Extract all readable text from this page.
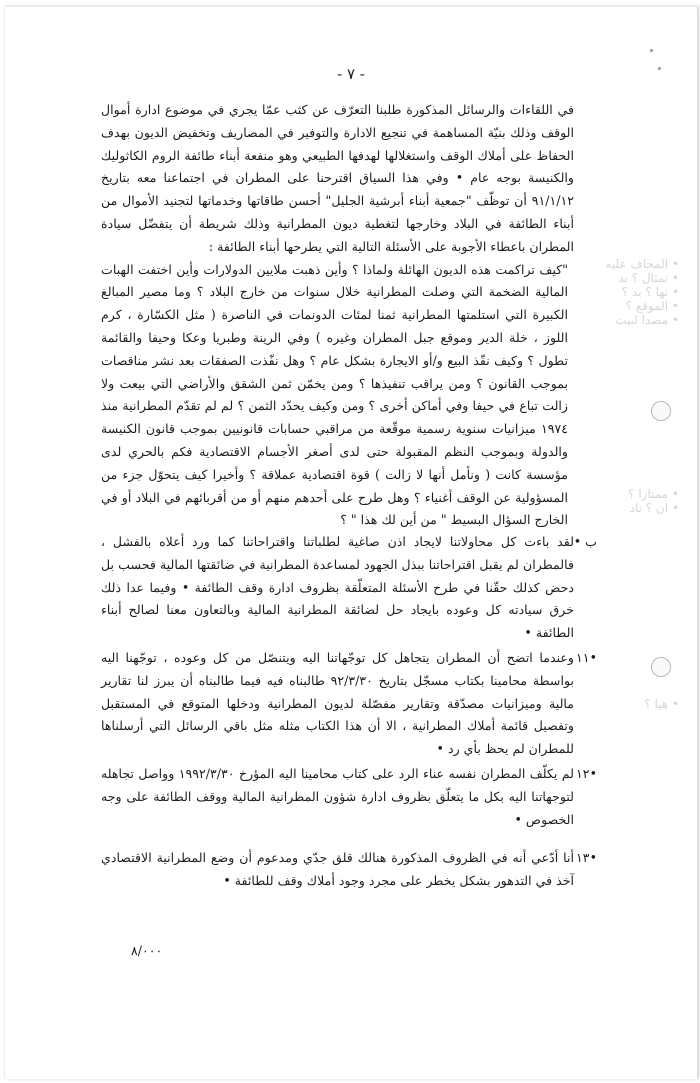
• المحاف عليه
• تمثال ؟ بد
• نها ؟ بد ؟
• الموقع ؟
• مصدا لبيت
• ممتازا ؟
• ان ؟ ناد
• هيا ؟
- ٧ -

في اللقاءات والرسائل المذكورة طلبنا التعرّف عن كثب عمّا يجري في موضوع ادارة أموال الوقف وذلك بنيّة المساهمة في تنجيع الادارة والتوفير في المصاريف وتخفيض الديون بهدف الحفاظ على أملاك الوقف واستغلالها لهدفها الطبيعي وهو منفعة أبناء طائفة الروم الكاثوليك والكنيسة بوجه عام • وفي هذا السياق اقترحنا على المطران في اجتماعنا معه بتاريخ ٩١/١/١٢ أن توظّف "جمعية أبناء أبرشية الجليل" أحسن طاقاتها وخدماتها لتجنيد الأموال من أبناء الطائفة في البلاد وخارجها لتغطية ديون المطرانية وذلك شريطة أن يتفضّل سيادة المطران باعطاء الأجوبة على الأسئلة التالية التي يطرحها أبناء الطائفة :

"كيف تراكمت هذه الديون الهائلة ولماذا ؟ وأين ذهبت ملايين الدولارات وأين اختفت الهبات المالية الضخمة التي وصلت المطرانية خلال سنوات من خارج البلاد ؟ وما مصير المبالغ الكبيرة التي استلمتها المطرانية ثمنا لمئات الدونمات في الناصرة ( مثل الكسّارة ، كرم اللوز ، خلة الدير وموقع جبل المطران وغيره ) وفي الرينة وطبريا وعكا وحيفا والقائمة تطول ؟ وكيف نفّذ البيع و/أو الايجارة بشكل عام ؟ وهل نفّذت الصفقات بعد نشر مناقصات بموجب القانون ؟ ومن يراقب تنفيذها ؟ ومن يخمّن ثمن الشقق والأراضي التي بيعت ولا زالت تباع في حيفا وفي أماكن أخرى ؟ ومن وكيف يحدّد الثمن ؟ لم لم تقدّم المطرانية منذ ١٩٧٤ ميزانيات سنوية رسمية موقّعة من مراقبي حسابات قانونيين بموجب قانون الكنيسة والدولة وبموجب النظم المقبولة حتى لدى أصغر الأجسام الاقتصادية فكم بالحري لدى مؤسسة كانت ( ونأمل أنها لا زالت ) قوة اقتصادية عملاقة ؟ وأخيرا كيف يتحوّل جزء من المسؤولية عن الوقف أغنياء ؟ وهل طرح على أحدهم منهم أو من أقربائهم في البلاد أو في الخارج السؤال البسيط " من أين لك هذا " ؟

ب •
لقد باءت كل محاولاتنا لايجاد اذن صاغية لطلباتنا واقتراحاتنا كما ورد أعلاه بالفشل ، فالمطران لم يقبل اقتراحاتنا ببذل الجهود لمساعدة المطرانية في ضائقتها المالية فحسب بل دحض كذلك حقّنا في طرح الأسئلة المتعلّقة بظروف ادارة وقف الطائفة • وفيما عدا ذلك خرق سيادته كل وعوده بايجاد حل لضائقة المطرانية المالية وبالتعاون معنا لصالح أبناء الطائفة •
•١١
وعندما اتضح أن المطران يتجاهل كل توجّهاتنا اليه ويتنصّل من كل وعوده ، توجّهنا اليه بواسطة محامينا بكتاب مسجّل بتاريخ ٩٢/٣/٣٠ طالبناه فيه فيما طالبناه أن يبرز لنا تقارير مالية وميزانيات مصدّقة وتقارير مفصّلة لديون المطرانية ودخلها المتوقع في المستقبل وتفصيل قائمة أملاك المطرانية ، الا أن هذا الكتاب مثله مثل باقي الرسائل التي أرسلناها للمطران لم يحظ بأي رد •
•١٢
لم يكلّف المطران نفسه عناء الرد على كتاب محامينا اليه المؤرخ ١٩٩٢/٣/٣٠ وواصل تجاهله لتوجهاتنا اليه بكل ما يتعلّق بظروف ادارة شؤون المطرانية المالية ووقف الطائفة على وجه الخصوص •
•١٣
أنا أدّعي أنه في الظروف المذكورة هنالك قلق جدّي ومدعوم أن وضع المطرانية الاقتصادي آخذ في التدهور بشكل يخطر على مجرد وجود أملاك وقف للطائفة •
٨/٠٠٠
